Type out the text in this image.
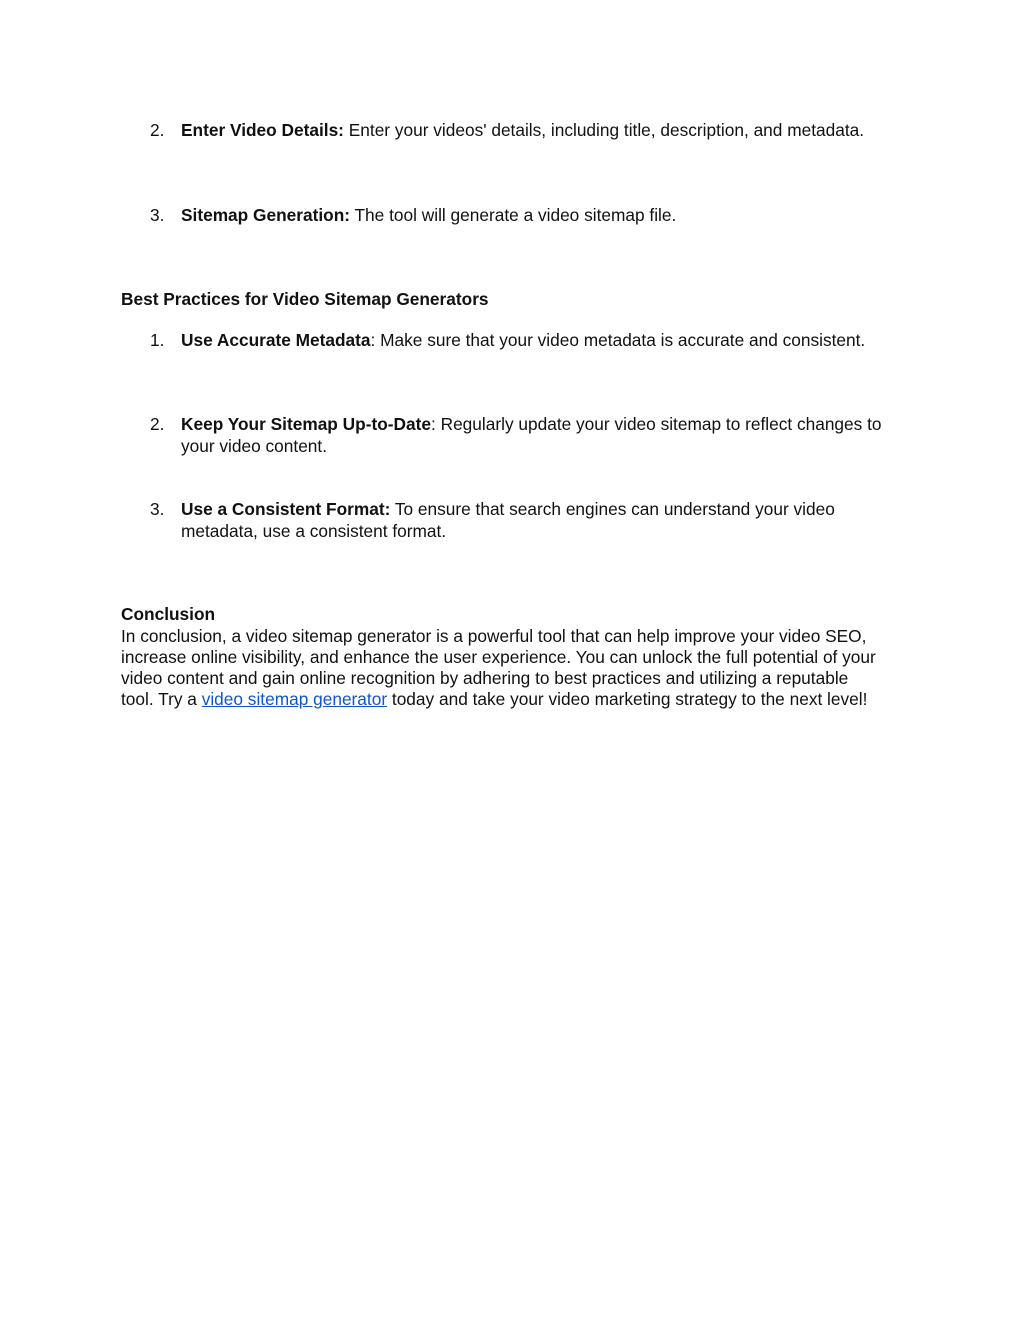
2. Enter Video Details: Enter your videos' details, including title, description, and metadata.
3. Sitemap Generation: The tool will generate a video sitemap file.
Best Practices for Video Sitemap Generators
1. Use Accurate Metadata: Make sure that your video metadata is accurate and consistent.
2. Keep Your Sitemap Up-to-Date: Regularly update your video sitemap to reflect changes to your video content.
3. Use a Consistent Format: To ensure that search engines can understand your video metadata, use a consistent format.
Conclusion

In conclusion, a video sitemap generator is a powerful tool that can help improve your video SEO, increase online visibility, and enhance the user experience. You can unlock the full potential of your video content and gain online recognition by adhering to best practices and utilizing a reputable tool. Try a video sitemap generator today and take your video marketing strategy to the next level!
